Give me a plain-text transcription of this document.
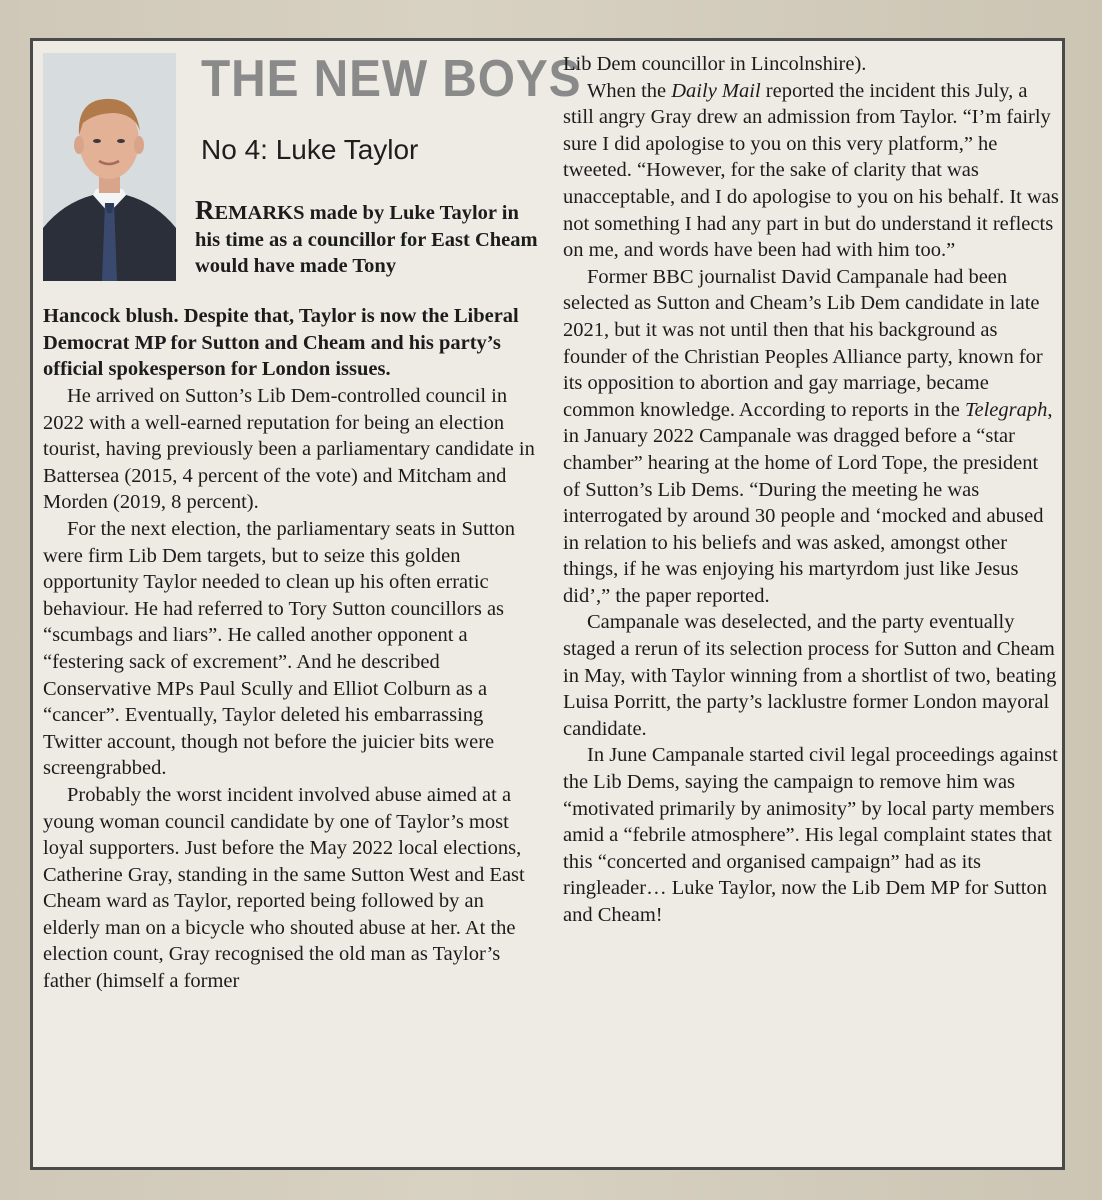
THE NEW BOYS
No 4: Luke Taylor
REMARKS made by Luke Taylor in his time as a councillor for East Cheam would have made Tony
Hancock blush. Despite that, Taylor is now the Liberal Democrat MP for Sutton and Cheam and his party’s official spokesperson for London issues.

He arrived on Sutton’s Lib Dem-controlled council in 2022 with a well-earned reputation for being an election tourist, having previously been a parliamentary candidate in Battersea (2015, 4 percent of the vote) and Mitcham and Morden (2019, 8 percent).

For the next election, the parliamentary seats in Sutton were firm Lib Dem targets, but to seize this golden opportunity Taylor needed to clean up his often erratic behaviour. He had referred to Tory Sutton councillors as “scumbags and liars”. He called another opponent a “festering sack of excrement”. And he described Conservative MPs Paul Scully and Elliot Colburn as a “cancer”. Eventually, Taylor deleted his embarrassing Twitter account, though not before the juicier bits were screengrabbed.

Probably the worst incident involved abuse aimed at a young woman council candidate by one of Taylor’s most loyal supporters. Just before the May 2022 local elections, Catherine Gray, standing in the same Sutton West and East Cheam ward as Taylor, reported being followed by an elderly man on a bicycle who shouted abuse at her. At the election count, Gray recognised the old man as Taylor’s father (himself a former

Lib Dem councillor in Lincolnshire).

When the Daily Mail reported the incident this July, a still angry Gray drew an admission from Taylor. “I’m fairly sure I did apologise to you on this very platform,” he tweeted. “However, for the sake of clarity that was unacceptable, and I do apologise to you on his behalf. It was not something I had any part in but do understand it reflects on me, and words have been had with him too.”

Former BBC journalist David Campanale had been selected as Sutton and Cheam’s Lib Dem candidate in late 2021, but it was not until then that his background as founder of the Christian Peoples Alliance party, known for its opposition to abortion and gay marriage, became common knowledge. According to reports in the Telegraph, in January 2022 Campanale was dragged before a “star chamber” hearing at the home of Lord Tope, the president of Sutton’s Lib Dems. “During the meeting he was interrogated by around 30 people and ‘mocked and abused in relation to his beliefs and was asked, amongst other things, if he was enjoying his martyrdom just like Jesus did’,” the paper reported.

Campanale was deselected, and the party eventually staged a rerun of its selection process for Sutton and Cheam in May, with Taylor winning from a shortlist of two, beating Luisa Porritt, the party’s lacklustre former London mayoral candidate.

In June Campanale started civil legal proceedings against the Lib Dems, saying the campaign to remove him was “motivated primarily by animosity” by local party members amid a “febrile atmosphere”. His legal complaint states that this “concerted and organised campaign” had as its ringleader… Luke Taylor, now the Lib Dem MP for Sutton and Cheam!
